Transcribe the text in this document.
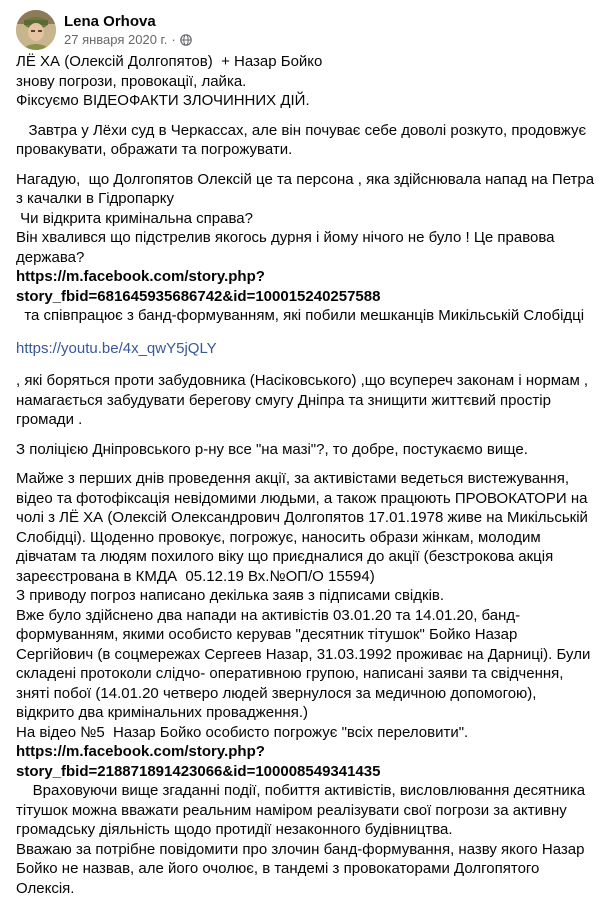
Lena Orhova
27 января 2020 г. ·

ЛЁ ХА (Олексій Долгопятов)  + Назар Бойко

знову погрози, провокації, лайка.

Фіксуємо ВІДЕОФАКТИ ЗЛОЧИННИХ ДІЙ.

Завтра у Лёхи суд в Черкассах, але він почуває себе доволі розкуто, продовжує провакувати, ображати та погрожувати.

Нагадую,  що Долгопятов Олексій це та персона , яка здійснювала напад на Петра з качалки в Гідропарку

Чи відкрита кримінальна справа?

Він хвалився що підстрелив якогось дурня і йому нічого не було ! Це правова держава?

https://m.facebook.com/story.php?story_fbid=681645935686742&id=100015240257588

та співпрацює з банд-формуванням, які побили мешканців Микільській Слобідці

https://youtu.be/4x_qwY5jQLY

, які боряться проти забудовника (Насіковського) ,що всупереч законам і нормам , намагається забудувати берегову смугу Дніпра та знищити життєвий простір громади .

З поліцією Дніпровського р-ну все "на мазі"?, то добре, постукаємо вище.

Майже з перших днів проведення акції, за активістами ведеться вистежування, відео та фотофіксація невідомими людьми, а також працюють ПРОВОКАТОРИ на чолі з ЛЁ ХА (Олексій Олександрович Долгопятов 17.01.1978 живе на Микільській Слобідці). Щоденно провокує, погрожує, наносить образи жінкам, молодим дівчатам та людям похилого віку що приєдналися до акції (безстрокова акція зареєстрована в КМДА  05.12.19 Вх.№ОП/О 15594)

З приводу погроз написано декілька заяв з підписами свідків.

Вже було здійснено два напади на активістів 03.01.20 та 14.01.20, банд- формуванням, якими особисто керував "десятник тітушок" Бойко Назар Сергійович (в соцмережах Сергеев Назар, 31.03.1992 проживає на Дарниці). Були складені протоколи слідчо- оперативною групою, написані заяви та свідчення, зняті побої (14.01.20 четверо людей звернулося за медичною допомогою), відкрито два кримінальних провадження.)

На відео №5  Назар Бойко особисто погрожує "всіх переловити".

https://m.facebook.com/story.php?story_fbid=218871891423066&id=100008549341435

Враховуючи вище згаданні події, побиття активістів, висловлювання десятника тітушок можна вважати реальним наміром реалізувати свої погрози за активну громадську діяльність щодо протидії незаконного будівництва.

Вважаю за потрібне повідомити про злочин банд-формування, назву якого Назар Бойко не назвав, але його очолює, в тандемі з провокаторами Долгопятого Олексія.
